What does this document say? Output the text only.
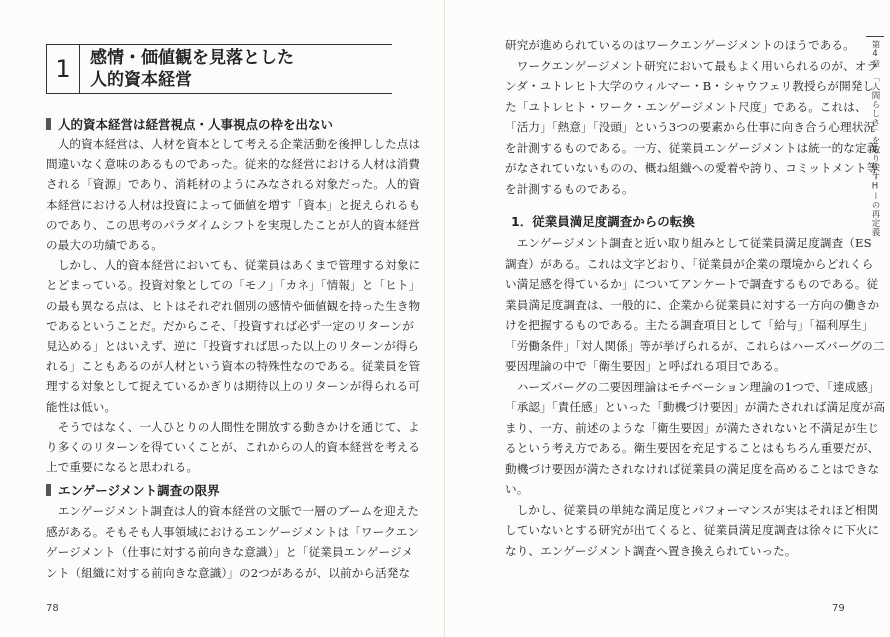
1	感情・価値観を見落とした
人的資本経営
人的資本経営は経営視点・人事視点の枠を出ない
　人的資本経営は、人材を資本として考える企業活動を後押しした点は
間違いなく意味のあるものであった。従来的な経営における人材は消費
される「資源」であり、消耗材のようにみなされる対象だった。人的資
本経営における人材は投資によって価値を増す「資本」と捉えられるも
のであり、この思考のパラダイムシフトを実現したことが人的資本経営
の最大の功績である。
　しかし、人的資本経営においても、従業員はあくまで管理する対象に
とどまっている。投資対象としての「モノ」「カネ」「情報」と「ヒト」
の最も異なる点は、ヒトはそれぞれ個別の感情や価値観を持った生き物
であるということだ。だからこそ、「投資すれば必ず一定のリターンが
見込める」とはいえず、逆に「投資すれば思った以上のリターンが得ら
れる」こともあるのが人材という資本の特殊性なのである。従業員を管
理する対象として捉えているかぎりは期待以上のリターンが得られる可
能性は低い。
　そうではなく、一人ひとりの人間性を開放する動きかけを通じて、よ
り多くのリターンを得ていくことが、これからの人的資本経営を考える
上で重要になると思われる。
エンゲージメント調査の限界
　エンゲージメント調査は人的資本経営の文脈で一層のブームを迎えた
感がある。そもそも人事領域におけるエンゲージメントは「ワークエン
ゲージメント（仕事に対する前向きな意識）」と「従業員エンゲージメ
ント（組織に対する前向きな意識）」の2つがあるが、以前から活発な
78
研究が進められているのはワークエンゲージメントのほうである。
　ワークエンゲージメント研究において最もよく用いられるのが、オラ
ンダ・ユトレヒト大学のウィルマー・B・シャウフェリ教授らが開発し
た「ユトレヒト・ワーク・エンゲージメント尺度」である。これは、
「活力」「熱意」「没頭」という3つの要素から仕事に向き合う心理状況
を計測するものである。一方、従業員エンゲージメントは統一的な定義
がなされていないものの、概ね組織への愛着や誇り、コミットメント等
を計測するものである。
1．従業員満足度調査からの転換
　エンゲージメント調査と近い取り組みとして従業員満足度調査（ES
調査）がある。これは文字どおり、「従業員が企業の環境からどれくら
い満足感を得ているか」についてアンケートで調査するものである。従
業員満足度調査は、一般的に、企業から従業員に対する一方向の働きか
けを把握するものである。主たる調査項目として「給与」「福利厚生」
「労働条件」「対人関係」等が挙げられるが、これらはハーズバーグの二
要因理論の中で「衛生要因」と呼ばれる項目である。
　ハーズバーグの二要因理論はモチベーション理論の1つで、「達成感」
「承認」「責任感」といった「動機づけ要因」が満たされれば満足度が高
まり、一方、前述のような「衛生要因」が満たされないと不満足が生じ
るという考え方である。衛生要因を充足することはもちろん重要だが、
動機づけ要因が満たされなければ従業員の満足度を高めることはできな
い。
　しかし、従業員の単純な満足度とパフォーマンスが実はそれほど相関
していないとする研究が出てくると、従業員満足度調査は徐々に下火に
なり、エンゲージメント調査へ置き換えられていった。
79
第4章　「人間らしさ」を取り戻すHーの再定義
